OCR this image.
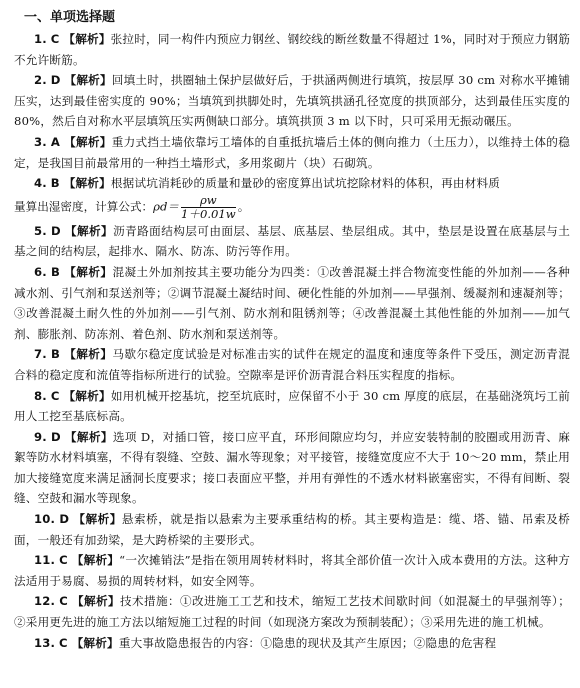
一、单项选择题

1. C 【解析】张拉时，同一构件内预应力钢丝、钢绞线的断丝数量不得超过 1%，同时对于预应力钢筋不允许断筋。

2. D 【解析】回填土时，拱圈轴土保护层做好后，于拱涵两侧进行填筑，按层厚 30 cm 对称水平摊铺压实，达到最佳密实度的 90%；当填筑到拱脚处时，先填筑拱涵孔径宽度的拱顶部分，达到最佳压实度的 80%，然后自对称水平层填筑压实两侧缺口部分。填筑拱顶 3 m 以下时，只可采用无振动碾压。

3. A 【解析】重力式挡土墙依靠圬工墙体的自重抵抗墙后土体的侧向推力（土压力），以维持土体的稳定，是我国目前最常用的一种挡土墙形式，多用浆砌片（块）石砌筑。

4. B 【解析】根据试坑消耗砂的质量和量砂的密度算出试坑挖除材料的体积，再由材料质

量算出湿密度，计算公式：$\rho d= \frac{\rho w}{1+0.01w}$ 。

5. D 【解析】沥青路面结构层可由面层、基层、底基层、垫层组成。其中，垫层是设置在底基层与土基之间的结构层，起排水、隔水、防冻、防污等作用。

6. B 【解析】混凝土外加剂按其主要功能分为四类：①改善混凝土拌合物流变性能的外加剂——各种减水剂、引气剂和泵送剂等；②调节混凝土凝结时间、硬化性能的外加剂——早强剂、缓凝剂和速凝剂等；③改善混凝土耐久性的外加剂——引气剂、防水剂和阻锈剂等；④改善混凝土其他性能的外加剂——加气剂、膨胀剂、防冻剂、着色剂、防水剂和泵送剂等。

7. B 【解析】马歇尔稳定度试验是对标准击实的试件在规定的温度和速度等条件下受压，测定沥青混合料的稳定度和流值等指标所进行的试验。空隙率是评价沥青混合料压实程度的指标。

8. C 【解析】如用机械开挖基坑，挖至坑底时，应保留不小于 30 cm 厚度的底层，在基础浇筑圬工前用人工挖至基底标高。

9. D 【解析】选项 D，对插口管，接口应平直，环形间隙应均匀，并应安装特制的胶圈或用沥青、麻絮等防水材料填塞，不得有裂缝、空鼓、漏水等现象；对平接管，接缝宽度应不大于 10～20 mm，禁止用加大接缝宽度来满足涵洞长度要求；接口表面应平整，并用有弹性的不透水材料嵌塞密实，不得有间断、裂缝、空鼓和漏水等现象。

10. D 【解析】悬索桥，就是指以悬索为主要承重结构的桥。其主要构造是：缆、塔、锚、吊索及桥面，一般还有加劲梁，是大跨桥梁的主要形式。

11. C 【解析】“一次摊销法”是指在领用周转材料时，将其全部价值一次计入成本费用的方法。这种方法适用于易腐、易损的周转材料，如安全网等。

12. C 【解析】技术措施：①改进施工工艺和技术，缩短工艺技术间歇时间（如混凝土的早强剂等）；②采用更先进的施工方法以缩短施工过程的时间（如现浇方案改为预制装配）；③采用先进的施工机械。

13. C 【解析】重大事故隐患报告的内容：①隐患的现状及其产生原因；②隐患的危害程
